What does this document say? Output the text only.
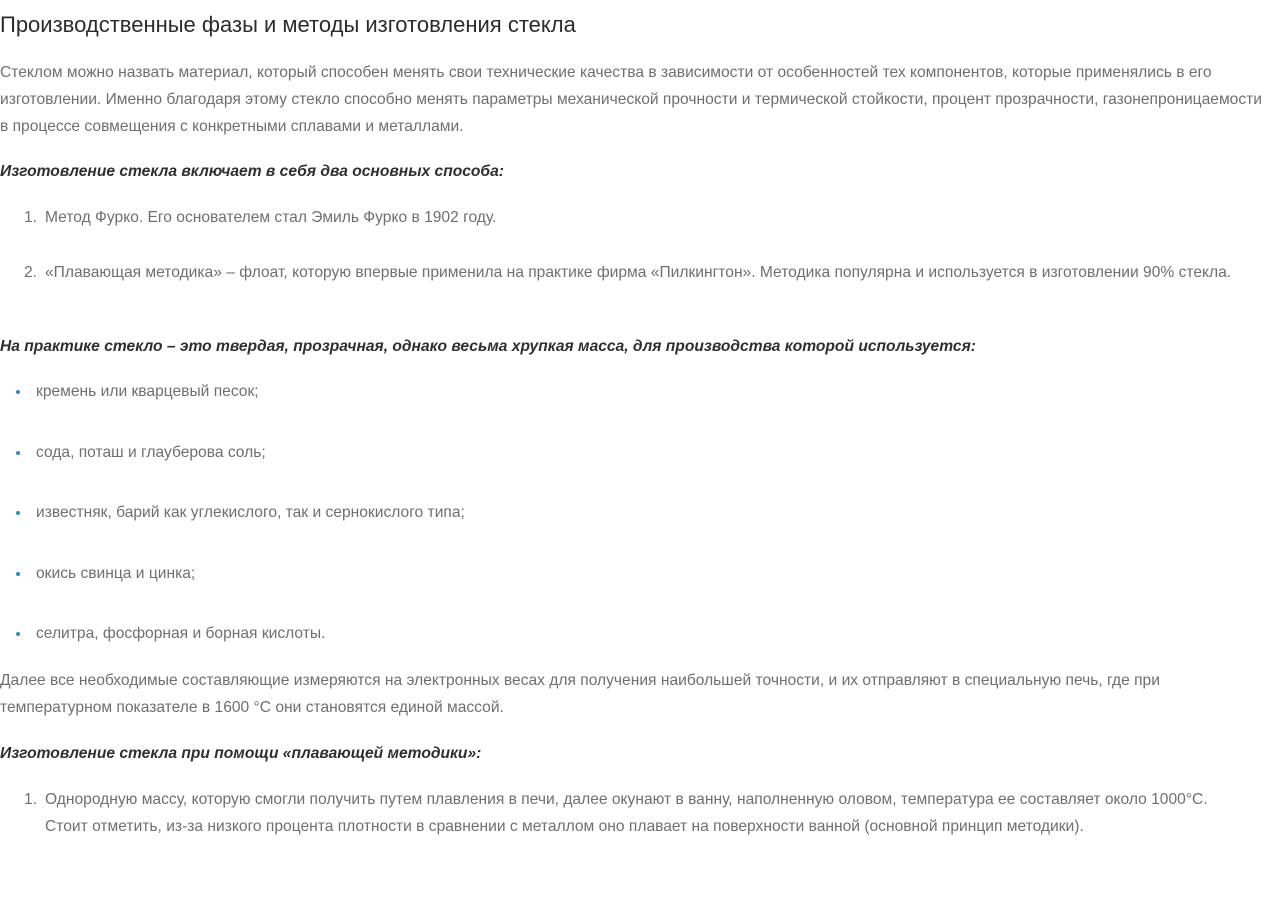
Производственные фазы и методы изготовления стекла

Стеклом можно назвать материал, который способен менять свои технические качества в зависимости от особенностей тех компонентов, которые применялись в его изготовлении. Именно благодаря этому стекло способно менять параметры механической прочности и термической стойкости, процент прозрачности, газонепроницаемости в процессе совмещения с конкретными сплавами и металлами.

Изготовление стекла включает в себя два основных способа:

1. Метод Фурко. Его основателем стал Эмиль Фурко в 1902 году.
2. «Плавающая методика» – флоат, которую впервые применила на практике фирма «Пилкингтон». Методика популярна и используется в изготовлении 90% стекла.

На практике стекло – это твердая, прозрачная, однако весьма хрупкая масса, для производства которой используется:

кремень или кварцевый песок;
сода, поташ и глауберова соль;
известняк, барий как углекислого, так и сернокислого типа;
окись свинца и цинка;
селитра, фосфорная и борная кислоты.

Далее все необходимые составляющие измеряются на электронных весах для получения наибольшей точности, и их отправляют в специальную печь, где при температурном показателе в 1600 °С они становятся единой массой.

Изготовление стекла при помощи «плавающей методики»:

1. Однородную массу, которую смогли получить путем плавления в печи, далее окунают в ванну, наполненную оловом, температура ее составляет около 1000°С. Стоит отметить, из-за низкого процента плотности в сравнении с металлом оно плавает на поверхности ванной (основной принцип методики).
